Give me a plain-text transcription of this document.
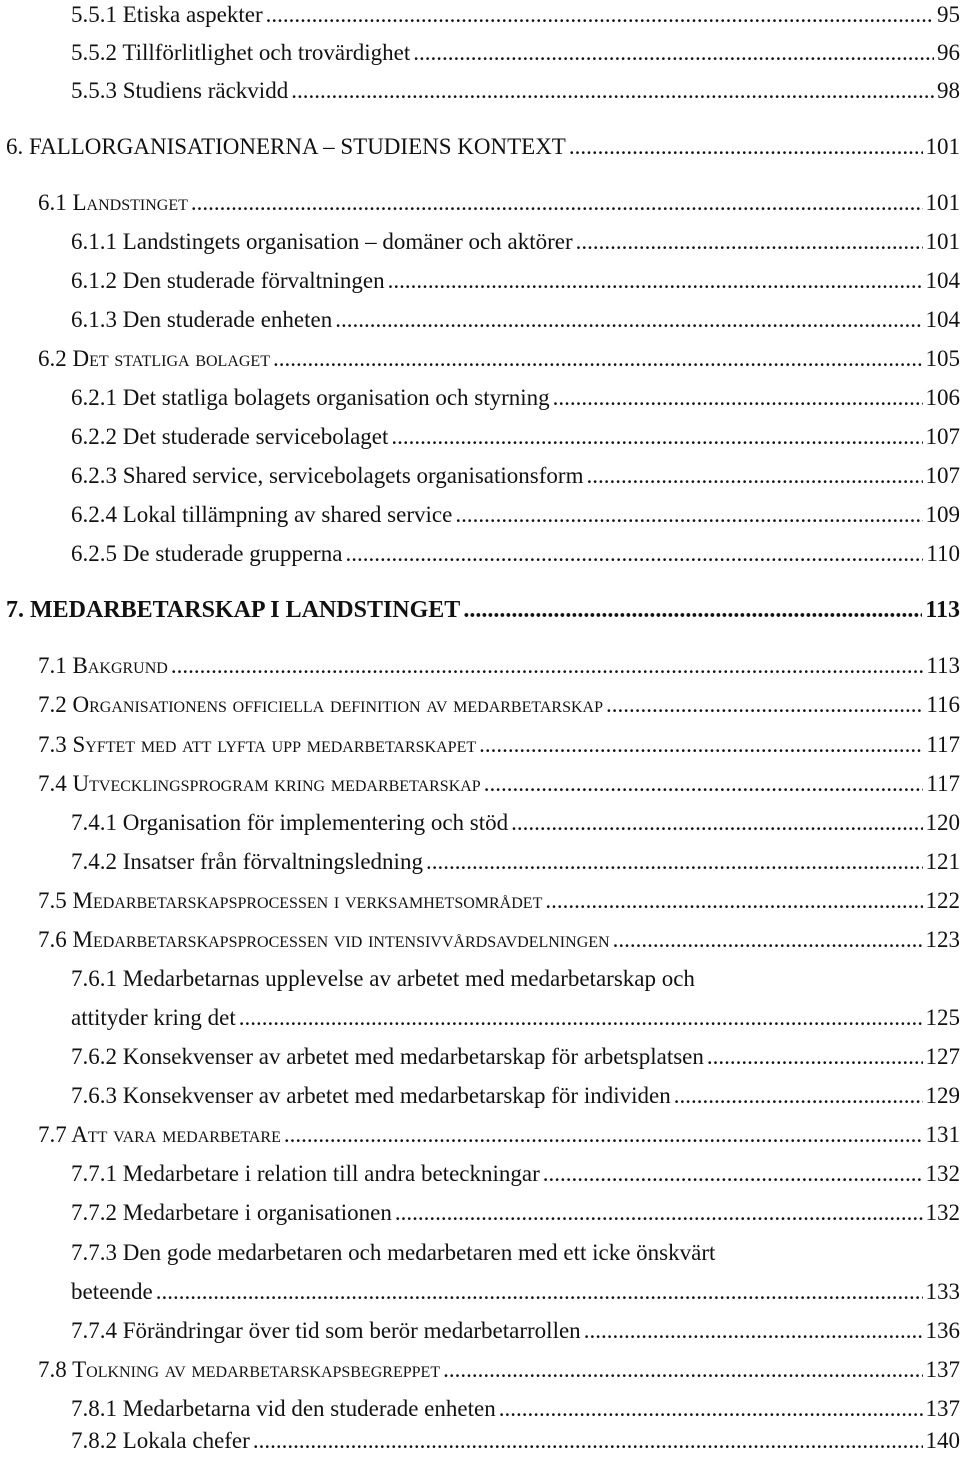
5.5.1 Etiska aspekter .....	95
5.5.2 Tillförlitlighet och trovärdighet .....	96
5.5.3 Studiens räckvidd .....	98
6. FALLORGANISATIONERNA – STUDIENS KONTEXT .....	101
6.1 Landstinget .....	101
6.1.1 Landstingets organisation – domäner och aktörer .....	101
6.1.2 Den studerade förvaltningen .....	104
6.1.3 Den studerade enheten .....	104
6.2 Det statliga bolaget .....	105
6.2.1 Det statliga bolagets organisation och styrning .....	106
6.2.2 Det studerade servicebolaget .....	107
6.2.3 Shared service, servicebolagets organisationsform .....	107
6.2.4 Lokal tillämpning av shared service .....	109
6.2.5 De studerade grupperna .....	110
7. MEDARBETARSKAP I LANDSTINGET .....	113
7.1 Bakgrund .....	113
7.2 Organisationens officiella definition av medarbetarskap .....	116
7.3 Syftet med att lyfta upp medarbetarskapet .....	117
7.4 Utvecklingsprogram kring medarbetarskap .....	117
7.4.1 Organisation för implementering och stöd .....	120
7.4.2 Insatser från förvaltningsledning .....	121
7.5 Medarbetarskapsprocessen i verksamhetsområdet .....	122
7.6 Medarbetarskapsprocessen vid intensivvårdsavdelningen .....	123
7.6.1 Medarbetarnas upplevelse av arbetet med medarbetarskap och
attityder kring det .....	125
7.6.2 Konsekvenser av arbetet med medarbetarskap för arbetsplatsen .....	127
7.6.3 Konsekvenser av arbetet med medarbetarskap för individen .....	129
7.7 Att vara medarbetare .....	131
7.7.1 Medarbetare i relation till andra beteckningar .....	132
7.7.2 Medarbetare i organisationen .....	132
7.7.3 Den gode medarbetaren och medarbetaren med ett icke önskvärt
beteende .....	133
7.7.4 Förändringar över tid som berör medarbetarrollen .....	136
7.8 Tolkning av medarbetarskapsbegreppet .....	137
7.8.1 Medarbetarna vid den studerade enheten .....	137
7.8.2 Lokala chefer .....	140
